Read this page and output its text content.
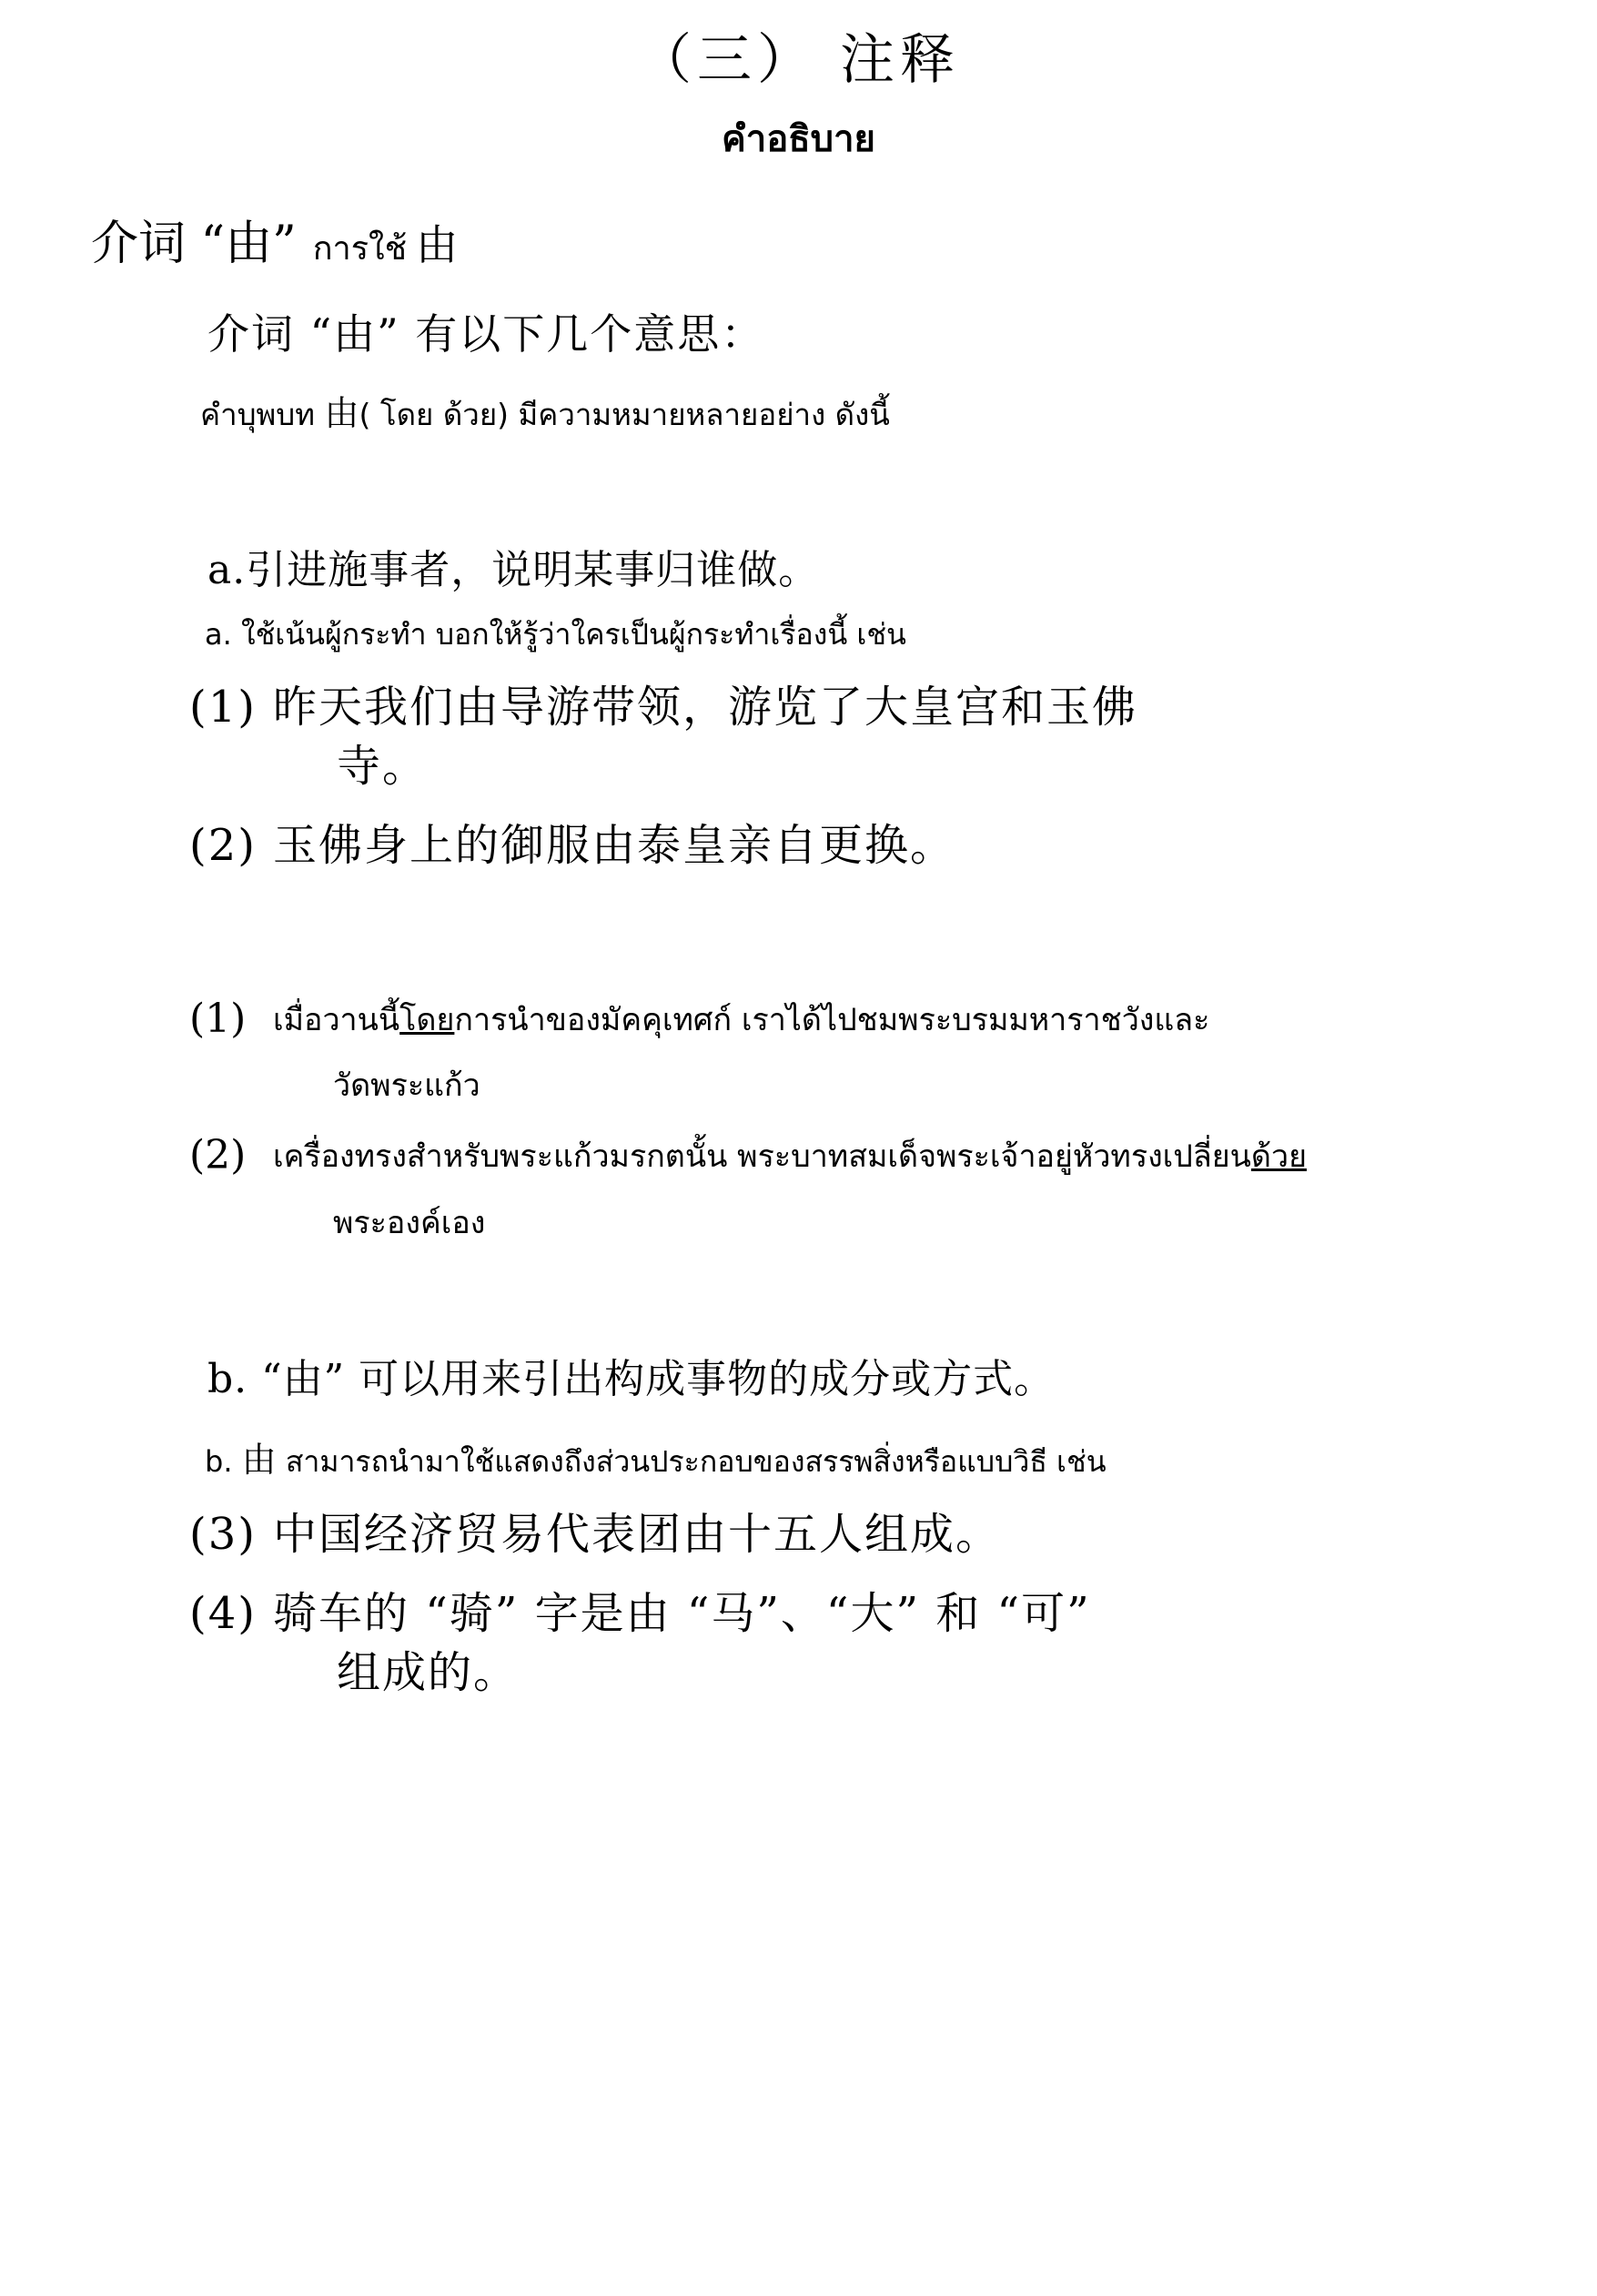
（三） 注释
คำอธิบาย
介词 “由” การใช้ 由
介词 “由” 有以下几个意思：
คำบุพบท 由( โดย ด้วย) มีความหมายหลายอย่าง ดังนี้
a.引进施事者，说明某事归谁做。
a. ใช้เน้นผู้กระทำ บอกให้รู้ว่าใครเป็นผู้กระทำเรื่องนี้ เช่น
(1) 昨天我们由导游带领，游览了大皇宫和玉佛
寺。
(2) 玉佛身上的御服由泰皇亲自更换。
(1) เมื่อวานนี้โดยการนำของมัคคุเทศก์ เราได้ไปชมพระบรมมหาราชวังและ
วัดพระแก้ว
(2) เครื่องทรงสำหรับพระแก้วมรกตนั้น พระบาทสมเด็จพระเจ้าอยู่หัวทรงเปลี่ยนด้วย
พระองค์เอง
b. “由” 可以用来引出构成事物的成分或方式。
b. 由 สามารถนำมาใช้แสดงถึงส่วนประกอบของสรรพสิ่งหรือแบบวิธี เช่น
(3) 中国经济贸易代表团由十五人组成。
(4) 骑车的 “骑” 字是由 “马”、“大” 和 “可”
组成的。
